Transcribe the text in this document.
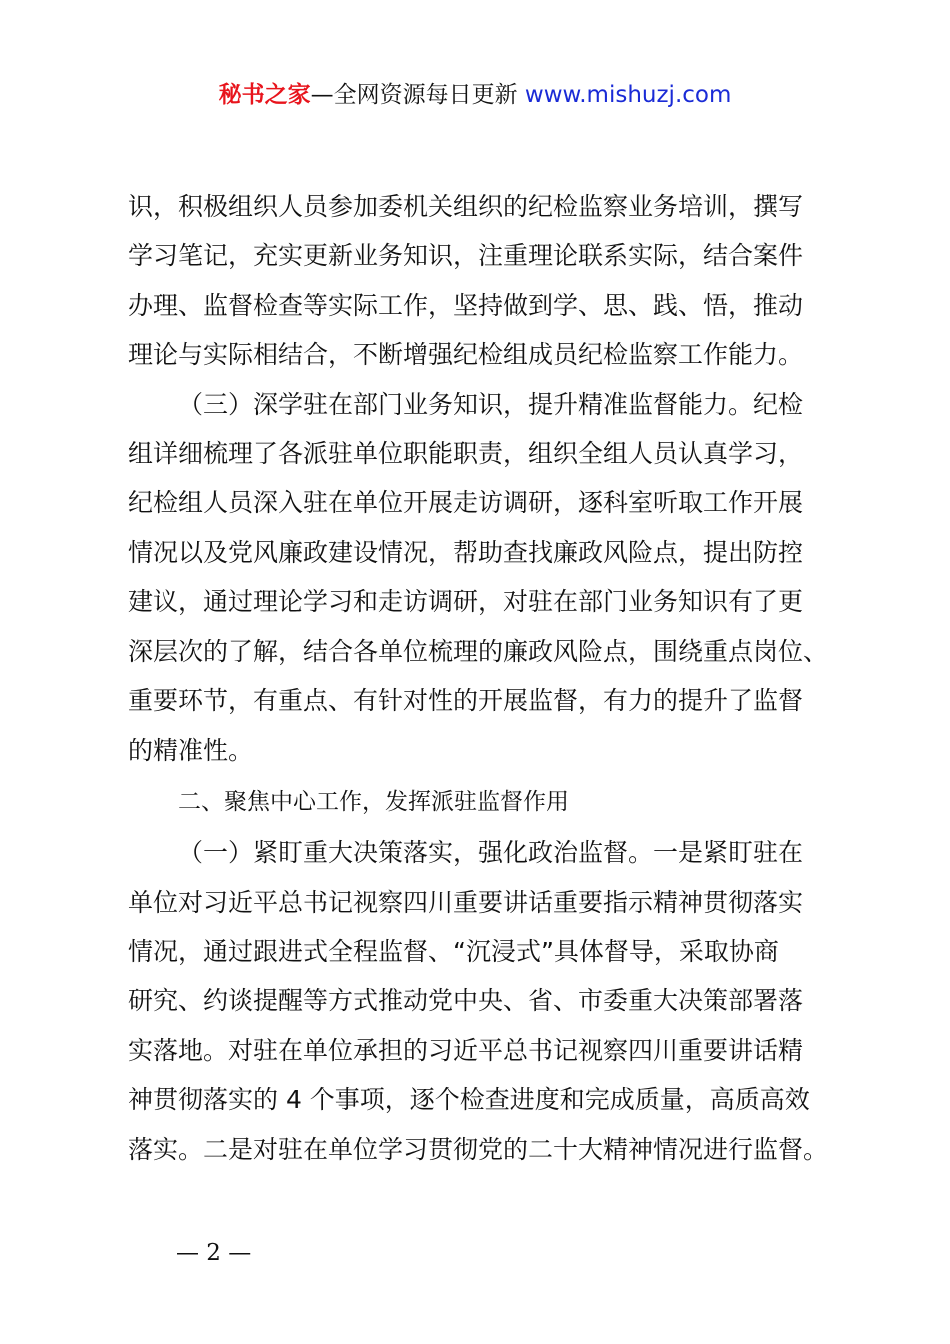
秘书之家—全网资源每日更新 www.mishuzj.com
识，积极组织人员参加委机关组织的纪检监察业务培训，撰写
学习笔记，充实更新业务知识，注重理论联系实际，结合案件
办理、监督检查等实际工作，坚持做到学、思、践、悟，推动
理论与实际相结合，不断增强纪检组成员纪检监察工作能力。
（三）深学驻在部门业务知识，提升精准监督能力。纪检
组详细梳理了各派驻单位职能职责，组织全组人员认真学习，
纪检组人员深入驻在单位开展走访调研，逐科室听取工作开展
情况以及党风廉政建设情况，帮助查找廉政风险点，提出防控
建议，通过理论学习和走访调研，对驻在部门业务知识有了更
深层次的了解，结合各单位梳理的廉政风险点，围绕重点岗位、
重要环节，有重点、有针对性的开展监督，有力的提升了监督
的精准性。
二、聚焦中心工作，发挥派驻监督作用
（一）紧盯重大决策落实，强化政治监督。一是紧盯驻在
单位对习近平总书记视察四川重要讲话重要指示精神贯彻落实
情况，通过跟进式全程监督、“沉浸式”具体督导，采取协商
研究、约谈提醒等方式推动党中央、省、市委重大决策部署落
实落地。对驻在单位承担的习近平总书记视察四川重要讲话精
神贯彻落实的 4 个事项，逐个检查进度和完成质量，高质高效
落实。二是对驻在单位学习贯彻党的二十大精神情况进行监督。
— 2 —
